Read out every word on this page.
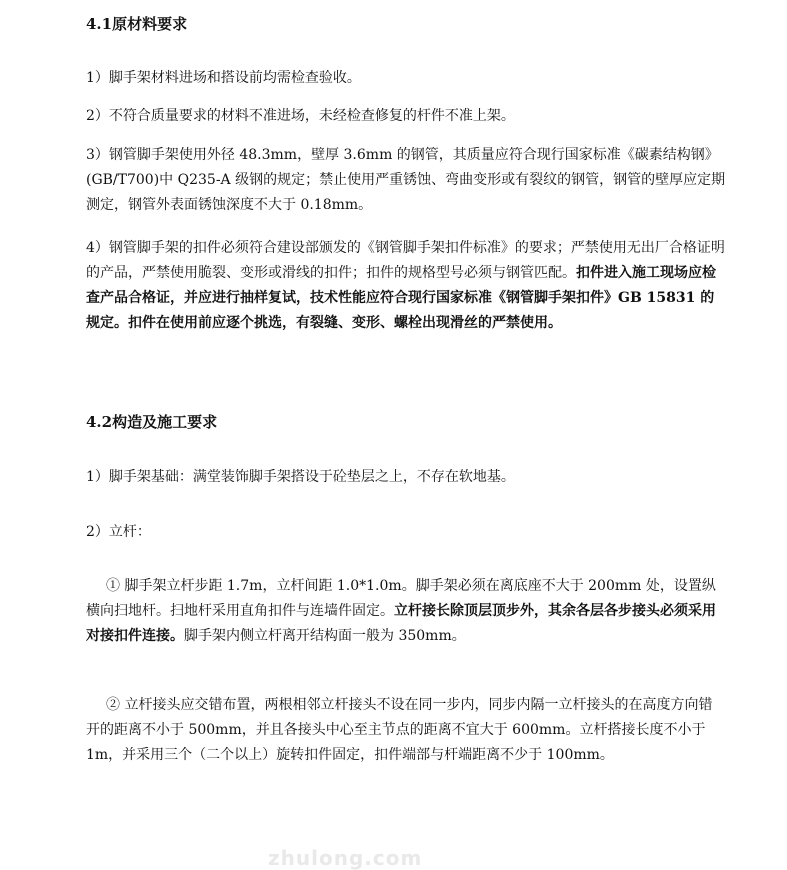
4.1原材料要求
1）脚手架材料进场和搭设前均需检查验收。
2）不符合质量要求的材料不准进场，未经检查修复的杆件不准上架。
3）钢管脚手架使用外径 48.3mm，壁厚 3.6mm 的钢管，其质量应符合现行国家标准《碳素结构钢》(GB/T700)中 Q235-A 级钢的规定；禁止使用严重锈蚀、弯曲变形或有裂纹的钢管，钢管的壁厚应定期测定，钢管外表面锈蚀深度不大于 0.18mm。
4）钢管脚手架的扣件必须符合建设部颁发的《钢管脚手架扣件标准》的要求；严禁使用无出厂合格证明的产品，严禁使用脆裂、变形或滑线的扣件；扣件的规格型号必须与钢管匹配。扣件进入施工现场应检查产品合格证，并应进行抽样复试，技术性能应符合现行国家标准《钢管脚手架扣件》GB 15831 的规定。扣件在使用前应逐个挑选，有裂缝、变形、螺栓出现滑丝的严禁使用。
4.2构造及施工要求
1）脚手架基础：满堂装饰脚手架搭设于砼垫层之上，不存在软地基。
2）立杆：
① 脚手架立杆步距 1.7m，立杆间距 1.0*1.0m。脚手架必须在离底座不大于 200mm 处，设置纵横向扫地杆。扫地杆采用直角扣件与连墙件固定。立杆接长除顶层顶步外，其余各层各步接头必须采用对接扣件连接。脚手架内侧立杆离开结构面一般为 350mm。
② 立杆接头应交错布置，两根相邻立杆接头不设在同一步内，同步内隔一立杆接头的在高度方向错开的距离不小于 500mm，并且各接头中心至主节点的距离不宜大于 600mm。立杆搭接长度不小于 1m，并采用三个（二个以上）旋转扣件固定，扣件端部与杆端距离不少于 100mm。
zhulong.com
